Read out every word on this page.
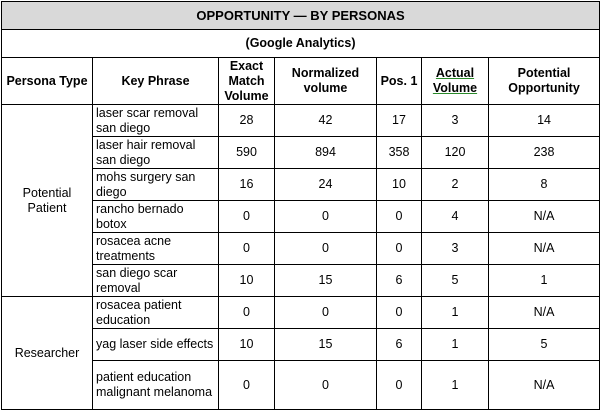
OPPORTUNITY — BY PERSONAS						
(Google Analytics)						
Persona Type	Key Phrase	Exact Match Volume	Normalized volume	Pos. 1	Actual Volume	Potential Opportunity
Potential Patient	laser scar removal san diego	28	42	17	3	14
	laser hair removal san diego	590	894	358	120	238
	mohs surgery san diego	16	24	10	2	8
	rancho bernado botox	0	0	0	4	N/A
	rosacea acne treatments	0	0	0	3	N/A
	san diego scar removal	10	15	6	5	1
Researcher	rosacea patient education	0	0	0	1	N/A
	yag laser side effects	10	15	6	1	5
	patient education malignant melanoma	0	0	0	1	N/A
